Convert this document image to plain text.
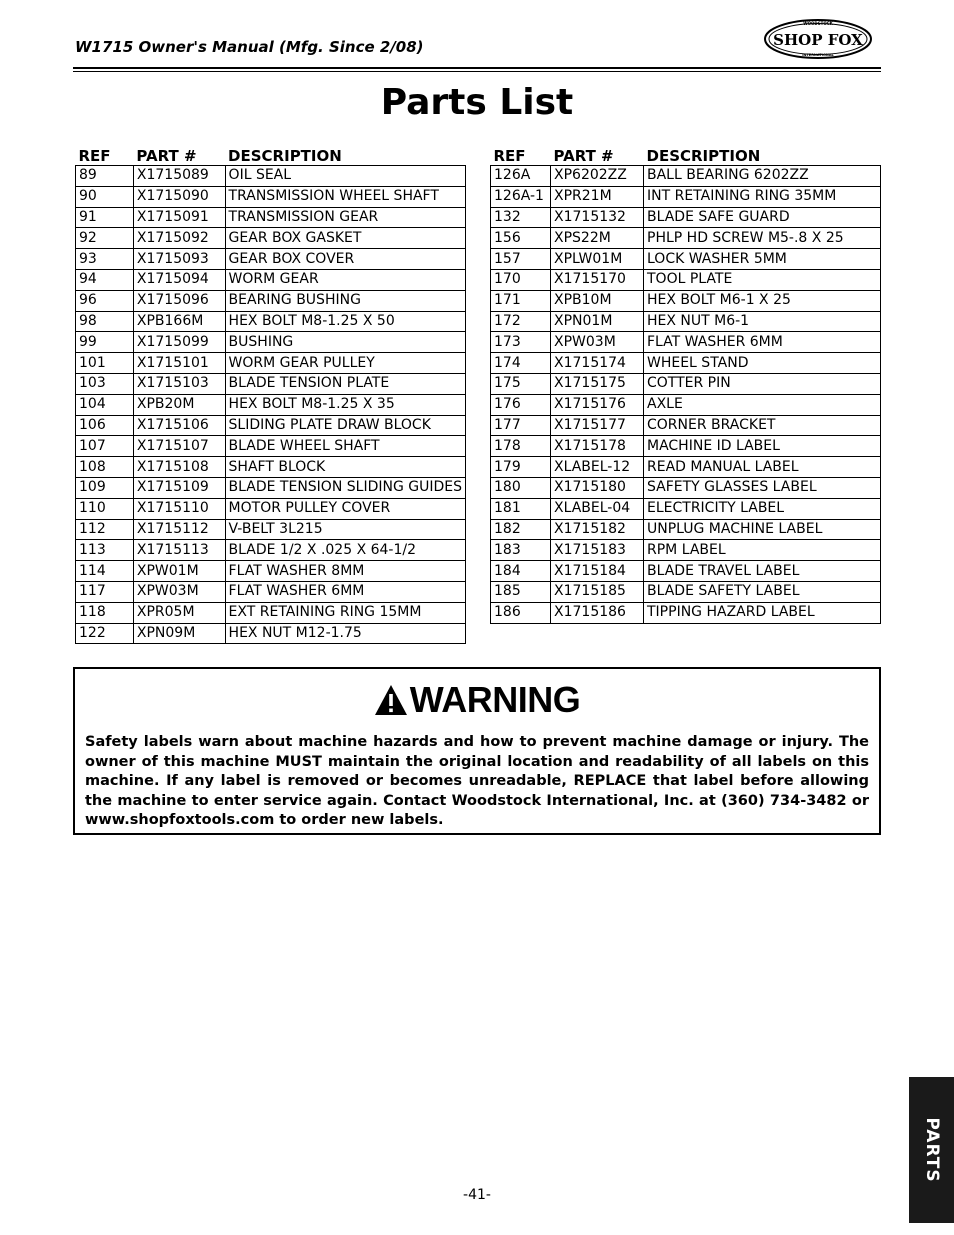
W1715 Owner's Manual (Mfg. Since 2/08)
WOODSTOCK
SHOP FOX
INTERNATIONAL
Parts List
REF	PART #	DESCRIPTION
89	X1715089	OIL SEAL
90	X1715090	TRANSMISSION WHEEL SHAFT
91	X1715091	TRANSMISSION GEAR
92	X1715092	GEAR BOX GASKET
93	X1715093	GEAR BOX COVER
94	X1715094	WORM GEAR
96	X1715096	BEARING BUSHING
98	XPB166M	HEX BOLT M8-1.25 X 50
99	X1715099	BUSHING
101	X1715101	WORM GEAR PULLEY
103	X1715103	BLADE TENSION PLATE
104	XPB20M	HEX BOLT M8-1.25 X 35
106	X1715106	SLIDING PLATE DRAW BLOCK
107	X1715107	BLADE WHEEL SHAFT
108	X1715108	SHAFT BLOCK
109	X1715109	BLADE TENSION SLIDING GUIDES
110	X1715110	MOTOR PULLEY COVER
112	X1715112	V-BELT 3L215
113	X1715113	BLADE 1/2 X .025 X 64-1/2
114	XPW01M	FLAT WASHER 8MM
117	XPW03M	FLAT WASHER 6MM
118	XPR05M	EXT RETAINING RING 15MM
122	XPN09M	HEX NUT M12-1.75
REF	PART #	DESCRIPTION
126A	XP6202ZZ	BALL BEARING 6202ZZ
126A-1	XPR21M	INT RETAINING RING 35MM
132	X1715132	BLADE SAFE GUARD
156	XPS22M	PHLP HD SCREW M5-.8 X 25
157	XPLW01M	LOCK WASHER 5MM
170	X1715170	TOOL PLATE
171	XPB10M	HEX BOLT M6-1 X 25
172	XPN01M	HEX NUT M6-1
173	XPW03M	FLAT WASHER 6MM
174	X1715174	WHEEL STAND
175	X1715175	COTTER PIN
176	X1715176	AXLE
177	X1715177	CORNER BRACKET
178	X1715178	MACHINE ID LABEL
179	XLABEL-12	READ MANUAL LABEL
180	X1715180	SAFETY GLASSES LABEL
181	XLABEL-04	ELECTRICITY LABEL
182	X1715182	UNPLUG MACHINE LABEL
183	X1715183	RPM LABEL
184	X1715184	BLADE TRAVEL LABEL
185	X1715185	BLADE SAFETY LABEL
186	X1715186	TIPPING HAZARD LABEL
WARNING
Safety labels warn about machine hazards and how to prevent machine damage or injury. The owner of this machine MUST maintain the original location and readability of all labels on this machine. If any label is removed or becomes unreadable, REPLACE that label before allowing the machine to enter service again. Contact Woodstock International, Inc. at (360) 734-3482 or www.shopfoxtools.com to order new labels.
PARTS
-41-
